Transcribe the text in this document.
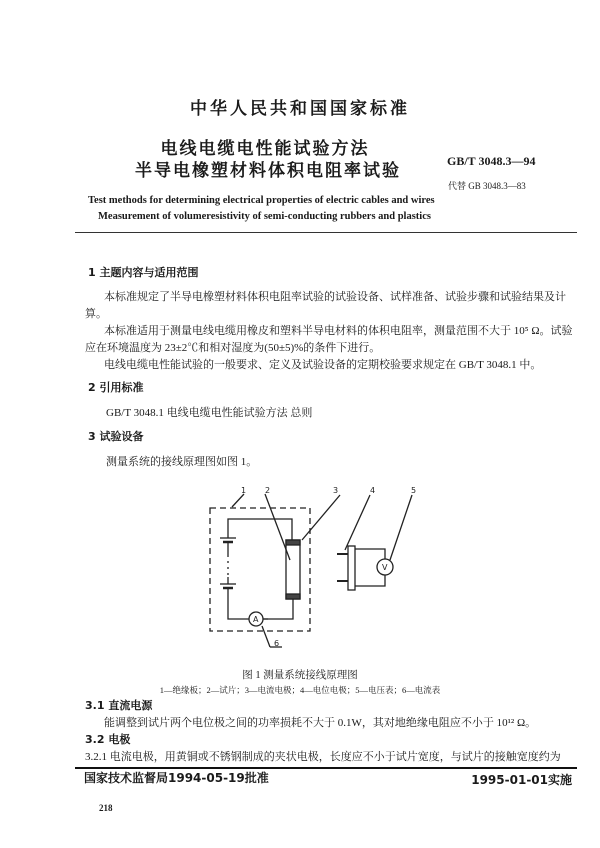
中华人民共和国国家标准
电线电缆电性能试验方法
半导电橡塑材料体积电阻率试验	GB/T 3048.3—94
代替 GB 3048.3—83
Test methods for determining electrical properties of electric cables and wires
Measurement of volumeresistivity of semi-conducting rubbers and plastics
1 主题内容与适用范围
本标准规定了半导电橡塑材料体积电阻率试验的试验设备、试样准备、试验步骤和试验结果及计
算。
本标准适用于测量电线电缆用橡皮和塑料半导电材料的体积电阻率，测量范围不大于 10⁵ Ω。试验
应在环境温度为 23±2℃和相对湿度为(50±5)%的条件下进行。
电线电缆电性能试验的一般要求、定义及试验设备的定期校验要求规定在 GB/T 3048.1 中。
2 引用标准
GB/T 3048.1 电线电缆电性能试验方法 总则
3 试验设备
测量系统的接线原理图如图 1。
1 2	3	4	5
6
A
V
图 1 测量系统接线原理图
1—绝缘板；2—试片；3—电流电极；4—电位电极；5—电压表；6—电流表
3.1 直流电源
能调整到试片两个电位极之间的功率损耗不大于 0.1W，其对地绝缘电阻应不小于 10¹² Ω。
3.2 电极
3.2.1 电流电极，用黄铜或不锈钢制成的夹状电极，长度应不小于试片宽度，与试片的接触宽度约为
国家技术监督局1994-05-19批准	1995-01-01实施
218
